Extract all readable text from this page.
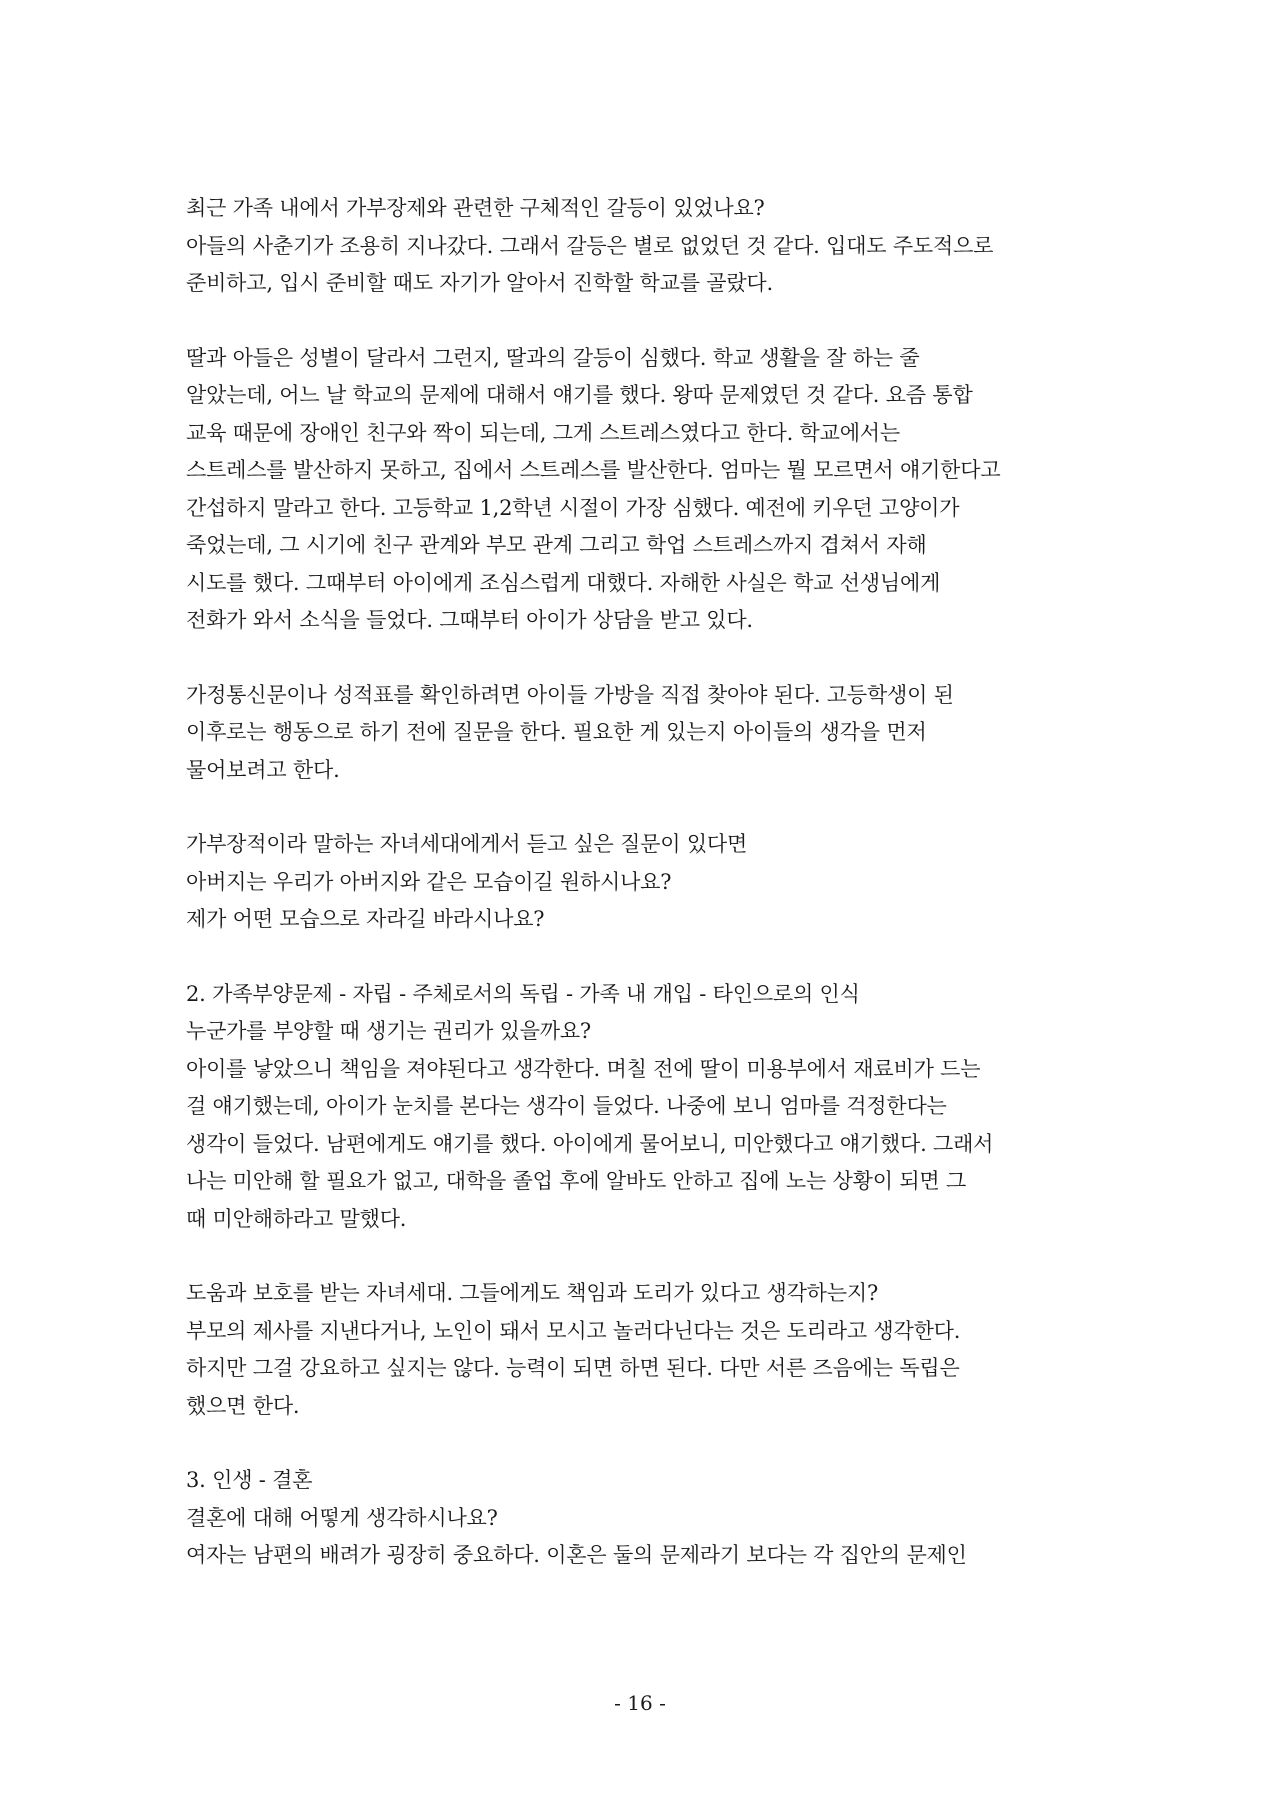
최근 가족 내에서 가부장제와 관련한 구체적인 갈등이 있었나요?
아들의 사춘기가 조용히 지나갔다. 그래서 갈등은 별로 없었던 것 같다. 입대도 주도적으로
준비하고, 입시 준비할 때도 자기가 알아서 진학할 학교를 골랐다.
딸과 아들은 성별이 달라서 그런지, 딸과의 갈등이 심했다. 학교 생활을 잘 하는 줄
알았는데, 어느 날 학교의 문제에 대해서 얘기를 했다. 왕따 문제였던 것 같다. 요즘 통합
교육 때문에 장애인 친구와 짝이 되는데, 그게 스트레스였다고 한다. 학교에서는
스트레스를 발산하지 못하고, 집에서 스트레스를 발산한다. 엄마는 뭘 모르면서 얘기한다고
간섭하지 말라고 한다. 고등학교 1,2학년 시절이 가장 심했다. 예전에 키우던 고양이가
죽었는데, 그 시기에 친구 관계와 부모 관계 그리고 학업 스트레스까지 겹쳐서 자해
시도를 했다. 그때부터 아이에게 조심스럽게 대했다. 자해한 사실은 학교 선생님에게
전화가 와서 소식을 들었다. 그때부터 아이가 상담을 받고 있다.
가정통신문이나 성적표를 확인하려면 아이들 가방을 직접 찾아야 된다. 고등학생이 된
이후로는 행동으로 하기 전에 질문을 한다. 필요한 게 있는지 아이들의 생각을 먼저
물어보려고 한다.
가부장적이라 말하는 자녀세대에게서 듣고 싶은 질문이 있다면
아버지는 우리가 아버지와 같은 모습이길 원하시나요?
제가 어떤 모습으로 자라길 바라시나요?
2. 가족부양문제 - 자립 - 주체로서의 독립 - 가족 내 개입 - 타인으로의 인식
누군가를 부양할 때 생기는 권리가 있을까요?
아이를 낳았으니 책임을 져야된다고 생각한다. 며칠 전에 딸이 미용부에서 재료비가 드는
걸 얘기했는데, 아이가 눈치를 본다는 생각이 들었다. 나중에 보니 엄마를 걱정한다는
생각이 들었다. 남편에게도 얘기를 했다. 아이에게 물어보니, 미안했다고 얘기했다. 그래서
나는 미안해 할 필요가 없고, 대학을 졸업 후에 알바도 안하고 집에 노는 상황이 되면 그
때 미안해하라고 말했다.
도움과 보호를 받는 자녀세대. 그들에게도 책임과 도리가 있다고 생각하는지?
부모의 제사를 지낸다거나, 노인이 돼서 모시고 놀러다닌다는 것은 도리라고 생각한다.
하지만 그걸 강요하고 싶지는 않다. 능력이 되면 하면 된다. 다만 서른 즈음에는 독립은
했으면 한다.
3. 인생 - 결혼
결혼에 대해 어떻게 생각하시나요?
여자는 남편의 배려가 굉장히 중요하다. 이혼은 둘의 문제라기 보다는 각 집안의 문제인
- 16 -
